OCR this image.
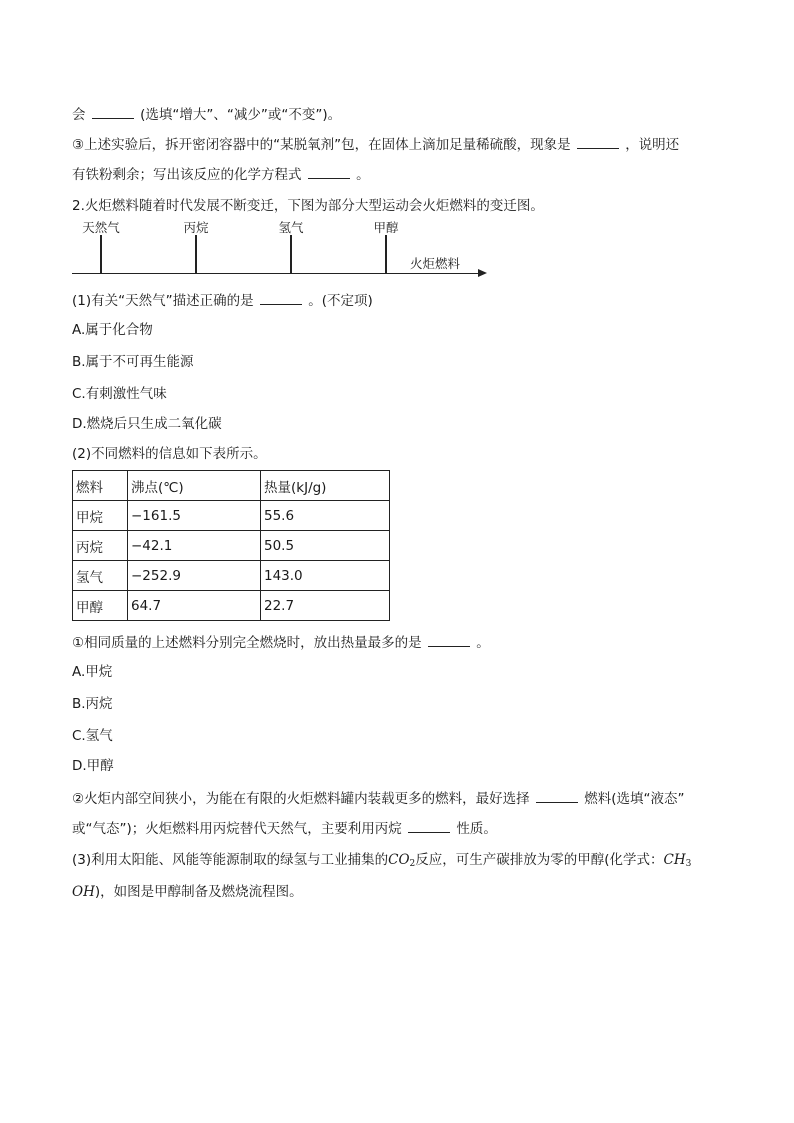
会	(选填“增大”、“减少”或“不变”)。
③上述实验后，拆开密闭容器中的“某脱氧剂”包，在固体上滴加足量稀硫酸，现象是	，说明还
有铁粉剩余；写出该反应的化学方程式	。
2.火炬燃料随着时代发展不断变迁，下图为部分大型运动会火炬燃料的变迁图。
天然气	丙烷	氢气	甲醇
火炬燃料
(1)有关“天然气”描述正确的是	。(不定项)
A.属于化合物
B.属于不可再生能源
C.有刺激性气味
D.燃烧后只生成二氧化碳
(2)不同燃料的信息如下表所示。
燃料	沸点(℃)	热量(kJ/g)
甲烷	−161.5	55.6
丙烷	−42.1	50.5
氢气	−252.9	143.0
甲醇	64.7	22.7
①相同质量的上述燃料分别完全燃烧时，放出热量最多的是	。
A.甲烷
B.丙烷
C.氢气
D.甲醇
②火炬内部空间狭小，为能在有限的火炬燃料罐内装载更多的燃料，最好选择	燃料(选填“液态”
或“气态”)；火炬燃料用丙烷替代天然气，主要利用丙烷	性质。
(3)利用太阳能、风能等能源制取的绿氢与工业捕集的$CO_2$反应，可生产碳排放为零的甲醇(化学式：$CH_3$
OH)，如图是甲醇制备及燃烧流程图。
